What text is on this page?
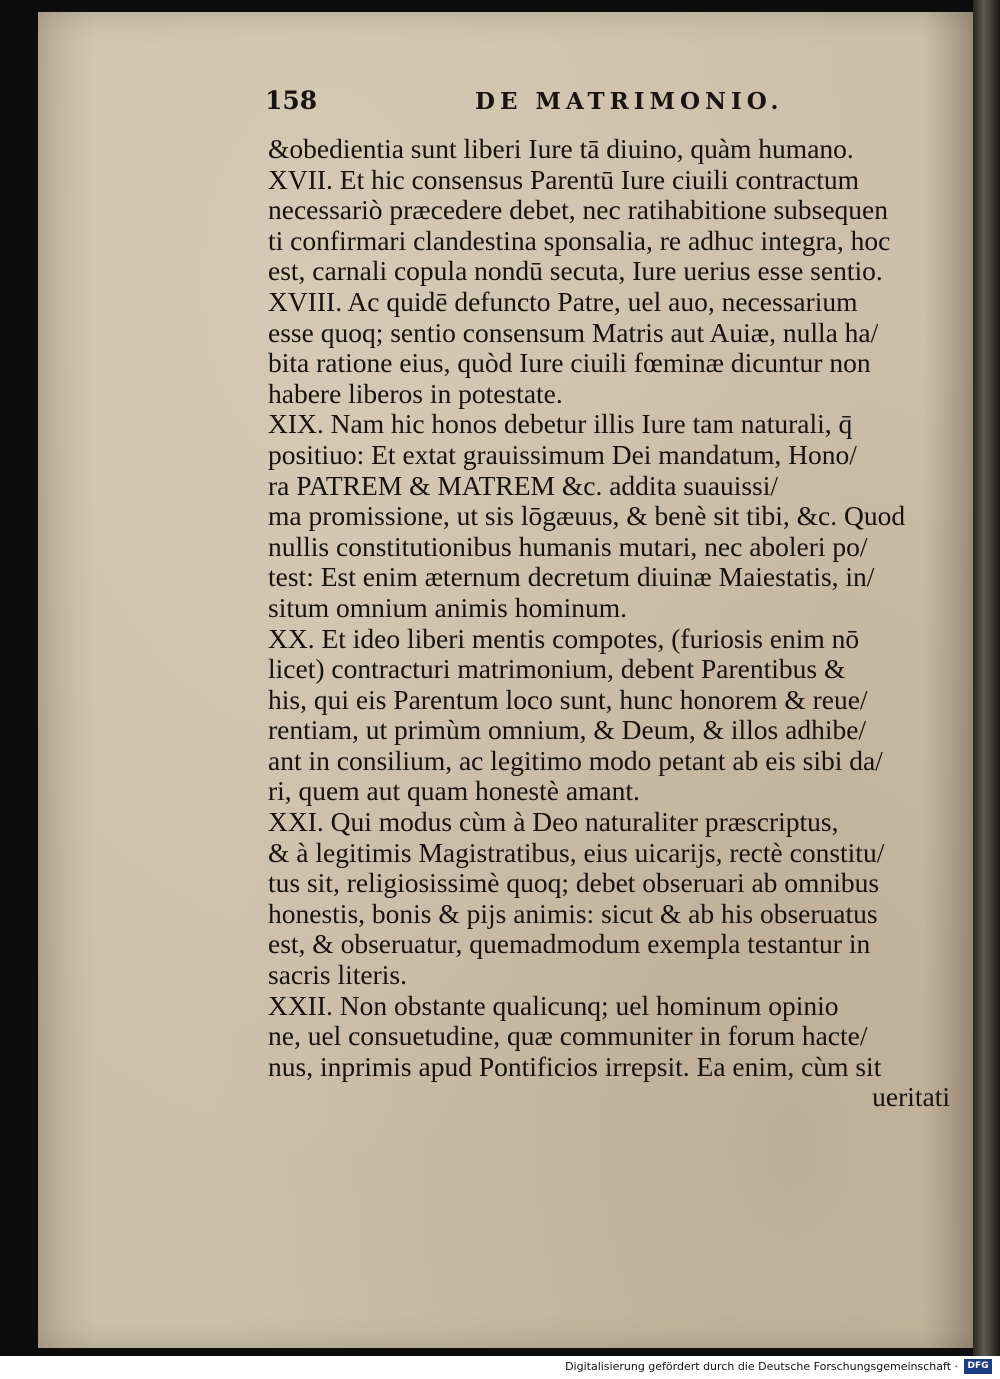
158	DE MATRIMONIO.
&obedientia sunt liberi Iure tā diuino, quàm humano.
XVII. Et hic consensus Parentū Iure ciuili contractum
necessariò præcedere debet, nec ratihabitione subsequen
ti confirmari clandestina sponsalia, re adhuc integra, hoc
est, carnali copula nondū secuta, Iure uerius esse sentio.
XVIII. Ac quidē defuncto Patre, uel auo, necessarium
esse quoq; sentio consensum Matris aut Auiæ, nulla ha/
bita ratione eius, quòd Iure ciuili fœminæ dicuntur non
habere liberos in potestate.
XIX. Nam hic honos debetur illis Iure tam naturali, q̄
positiuo: Et extat grauissimum Dei mandatum, Hono/
ra PATREM & MATREM &c. addita suauissi/
ma promissione, ut sis lōgæuus, & benè sit tibi, &c. Quod
nullis constitutionibus humanis mutari, nec aboleri po/
test: Est enim æternum decretum diuinæ Maiestatis, in/
situm omnium animis hominum.
XX. Et ideo liberi mentis compotes, (furiosis enim nō
licet) contracturi matrimonium, debent Parentibus &
his, qui eis Parentum loco sunt, hunc honorem & reue/
rentiam, ut primùm omnium, & Deum, & illos adhibe/
ant in consilium, ac legitimo modo petant ab eis sibi da/
ri, quem aut quam honestè amant.
XXI. Qui modus cùm à Deo naturaliter præscriptus,
& à legitimis Magistratibus, eius uicarijs, rectè constitu/
tus sit, religiosissimè quoq; debet obseruari ab omnibus
honestis, bonis & pijs animis: sicut & ab his obseruatus
est, & obseruatur, quemadmodum exempla testantur in
sacris literis.
XXII. Non obstante qualicunq; uel hominum opinio
ne, uel consuetudine, quæ communiter in forum hacte/
nus, inprimis apud Pontificios irrepsit. Ea enim, cùm sit
ueritati
Digitalisierung gefördert durch die Deutsche Forschungsgemeinschaft ·	DFG
